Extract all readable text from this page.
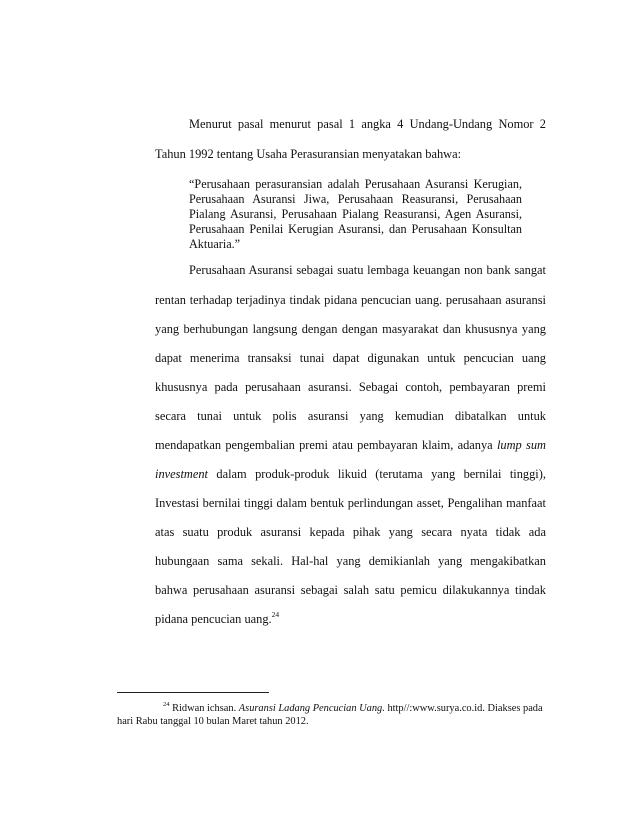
Menurut pasal menurut pasal 1 angka 4 Undang-Undang Nomor 2
Tahun 1992 tentang Usaha Perasuransian menyatakan bahwa:
“Perusahaan perasuransian adalah Perusahaan Asuransi Kerugian,
Perusahaan Asuransi Jiwa, Perusahaan Reasuransi, Perusahaan
Pialang Asuransi, Perusahaan Pialang Reasuransi, Agen Asuransi,
Perusahaan Penilai Kerugian Asuransi, dan Perusahaan Konsultan
Aktuaria.”
Perusahaan Asuransi sebagai suatu lembaga keuangan non bank sangat
rentan terhadap terjadinya tindak pidana pencucian uang. perusahaan asuransi
yang berhubungan langsung dengan dengan masyarakat dan khususnya yang
dapat menerima transaksi tunai dapat digunakan untuk pencucian uang
khususnya pada perusahaan asuransi. Sebagai contoh, pembayaran premi
secara tunai untuk polis asuransi yang kemudian dibatalkan untuk
mendapatkan pengembalian premi atau pembayaran klaim, adanya lump sum
investment dalam produk-produk likuid (terutama yang bernilai tinggi),
Investasi bernilai tinggi dalam bentuk perlindungan asset, Pengalihan manfaat
atas suatu produk asuransi kepada pihak yang secara nyata tidak ada
hubungaan sama sekali. Hal-hal yang demikianlah yang mengakibatkan
bahwa perusahaan asuransi sebagai salah satu pemicu dilakukannya tindak
pidana pencucian uang.$^{24}$
$^{24}$ Ridwan ichsan. Asuransi Ladang Pencucian Uang. http//:www.surya.co.id. Diakses pada
hari Rabu tanggal 10 bulan Maret tahun 2012.
